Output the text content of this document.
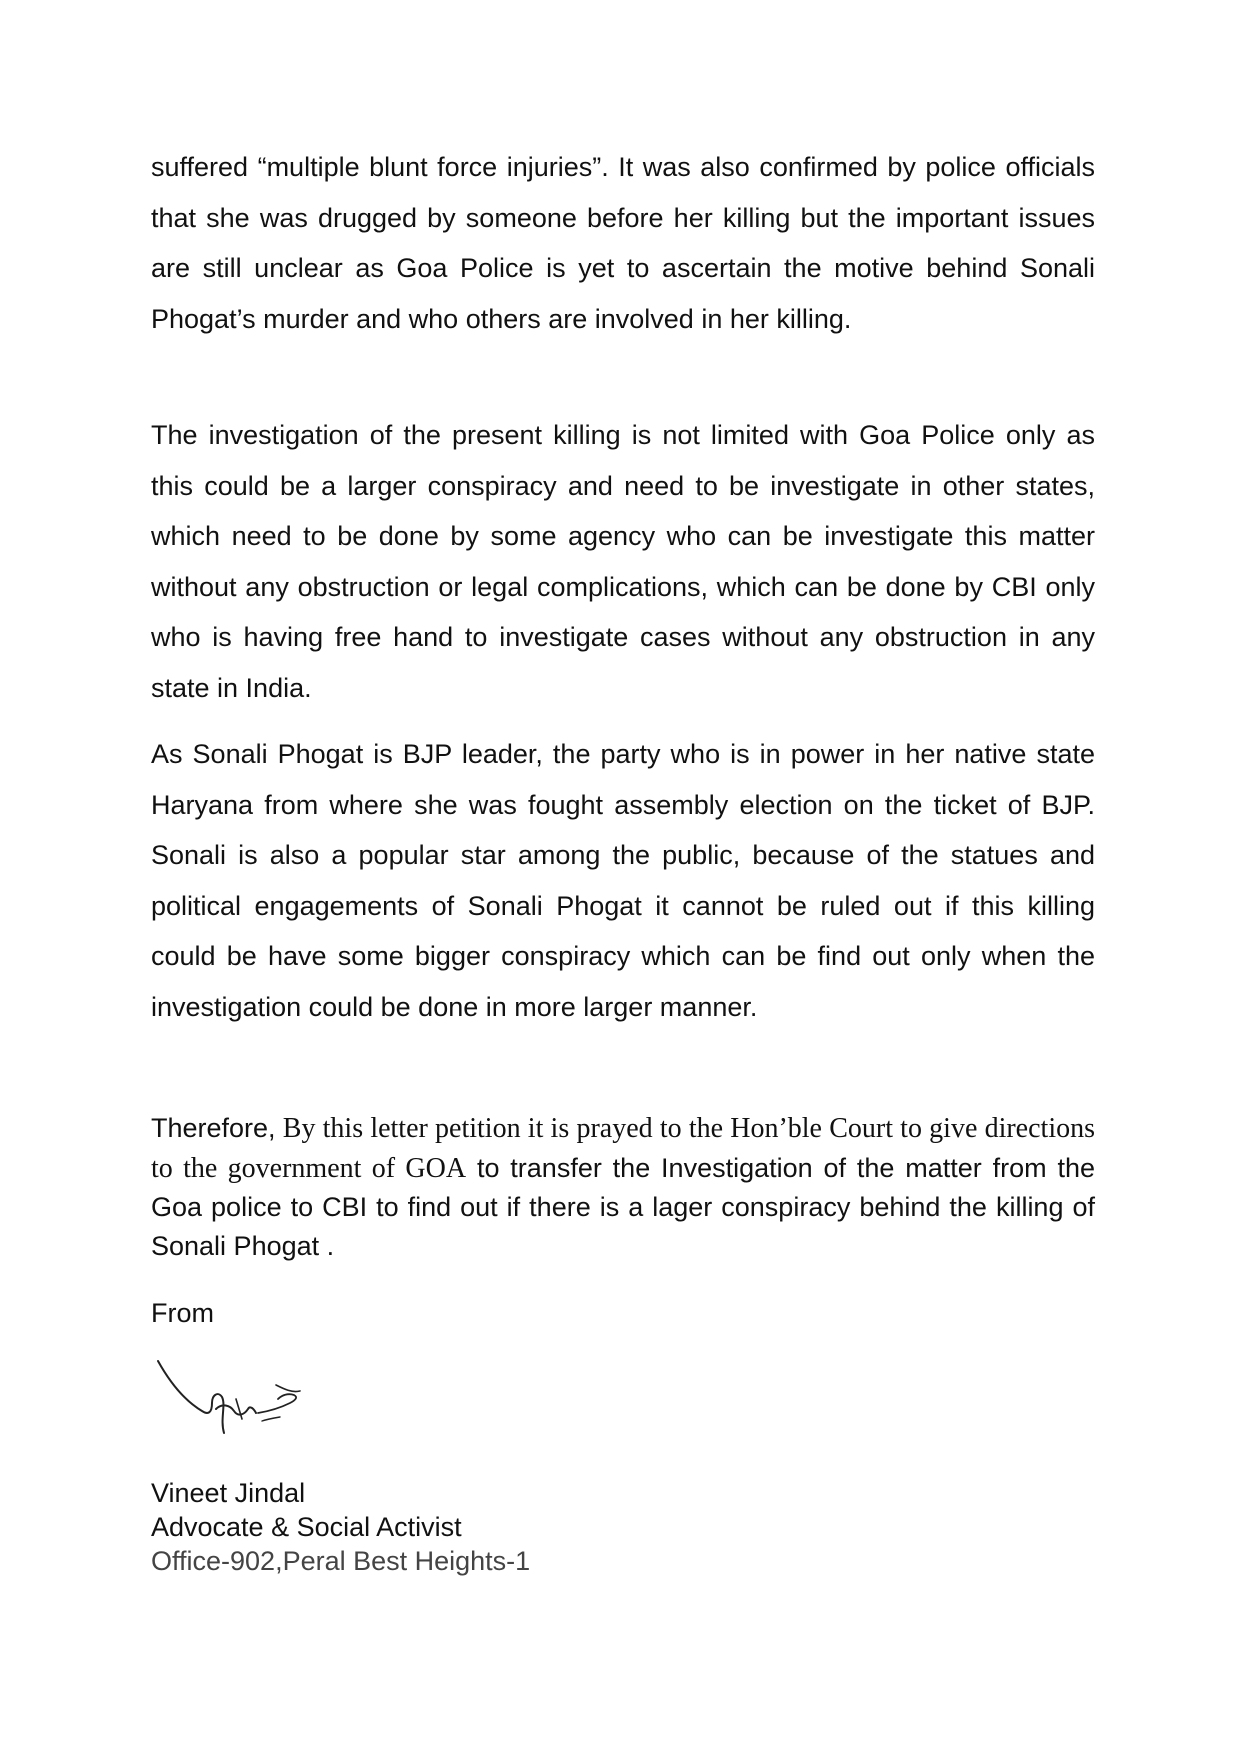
suffered “multiple blunt force injuries”. It was also confirmed by police officials that she was drugged by someone before her killing but the important issues are still unclear as Goa Police is yet to ascertain the motive behind Sonali Phogat’s murder and who others are involved in her killing.

The investigation of the present killing is not limited with Goa Police only as this could be a larger conspiracy and need to be investigate in other states, which need to be done by some agency who can be investigate this matter without any obstruction or legal complications, which can be done by CBI only who is having free hand to investigate cases without any obstruction in any state in India.

As Sonali Phogat is BJP leader, the party who is in power in her native state Haryana from where she was fought assembly election on the ticket of BJP. Sonali is also a popular star among the public, because of the statues and political engagements of Sonali Phogat it cannot be ruled out if this killing could be have some bigger conspiracy which can be find out only when the investigation could be done in more larger manner.

Therefore, By this letter petition it is prayed to the Hon’ble Court to give directions to the government of GOA to transfer the Investigation of the matter from the Goa police to CBI to find out if there is a lager conspiracy behind the killing of Sonali Phogat .

From

Vineet Jindal
Advocate & Social Activist
Office-902,Peral Best Heights-1
